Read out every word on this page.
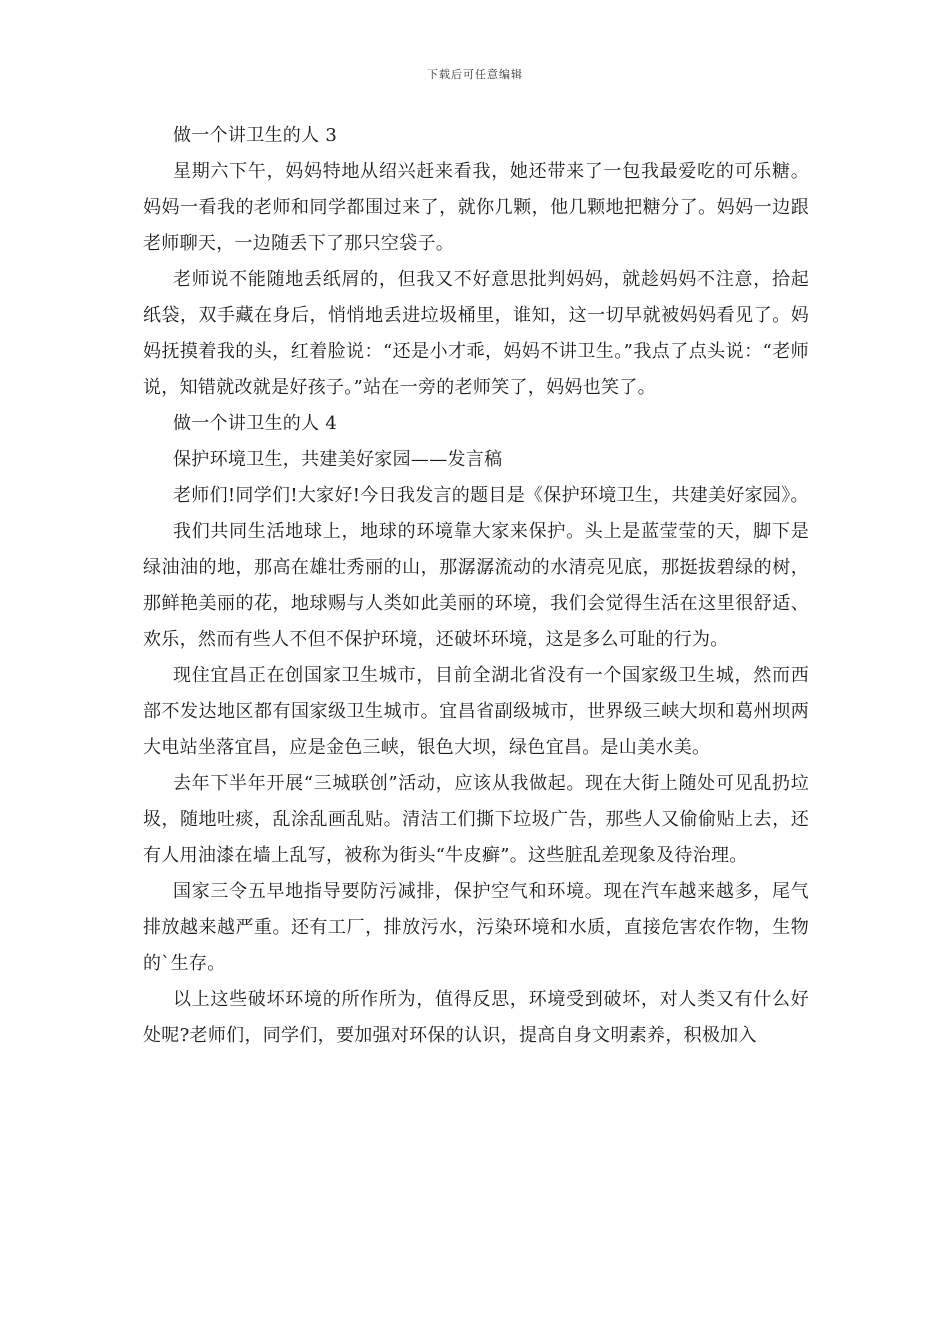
下载后可任意编辑

做一个讲卫生的人 3

星期六下午，妈妈特地从绍兴赶来看我，她还带来了一包我最爱吃的可乐糖。妈妈一看我的老师和同学都围过来了，就你几颗，他几颗地把糖分了。妈妈一边跟老师聊天，一边随丢下了那只空袋子。

老师说不能随地丢纸屑的，但我又不好意思批判妈妈，就趁妈妈不注意，拾起纸袋，双手藏在身后，悄悄地丢进垃圾桶里，谁知，这一切早就被妈妈看见了。妈妈抚摸着我的头，红着脸说：“还是小才乖，妈妈不讲卫生。”我点了点头说：“老师说，知错就改就是好孩子。”站在一旁的老师笑了，妈妈也笑了。

做一个讲卫生的人 4

保护环境卫生，共建美好家园——发言稿

老师们!同学们!大家好!今日我发言的题目是《保护环境卫生，共建美好家园》。

我们共同生活地球上，地球的环境靠大家来保护。头上是蓝莹莹的天，脚下是绿油油的地，那高在雄壮秀丽的山，那潺潺流动的水清亮见底，那挺拔碧绿的树，那鲜艳美丽的花，地球赐与人类如此美丽的环境，我们会觉得生活在这里很舒适、欢乐，然而有些人不但不保护环境，还破坏环境，这是多么可耻的行为。

现住宜昌正在创国家卫生城市，目前全湖北省没有一个国家级卫生城，然而西部不发达地区都有国家级卫生城市。宜昌省副级城市，世界级三峡大坝和葛州坝两大电站坐落宜昌，应是金色三峡，银色大坝，绿色宜昌。是山美水美。

去年下半年开展“三城联创”活动，应该从我做起。现在大街上随处可见乱扔垃圾，随地吐痰，乱涂乱画乱贴。清洁工们撕下垃圾广告，那些人又偷偷贴上去，还有人用油漆在墙上乱写，被称为街头“牛皮癣”。这些脏乱差现象及待治理。

国家三令五早地指导要防污减排，保护空气和环境。现在汽车越来越多，尾气排放越来越严重。还有工厂，排放污水，污染环境和水质，直接危害农作物，生物的`生存。

以上这些破坏环境的所作所为，值得反思，环境受到破坏，对人类又有什么好处呢?老师们，同学们，要加强对环保的认识，提高自身文明素养，积极加入
